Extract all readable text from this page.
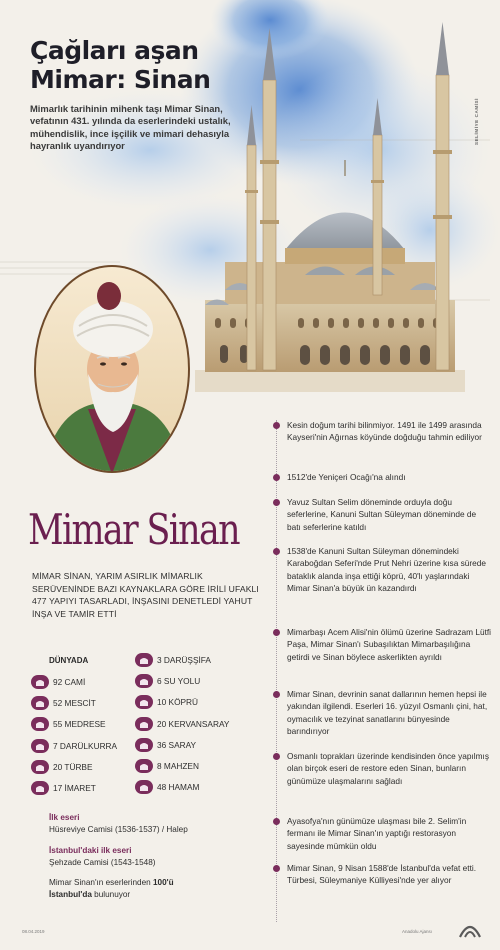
Çağları aşan
Mimar: Sinan
Mimarlık tarihinin mihenk taşı Mimar Sinan, vefatının 431. yılında da eserlerindeki ustalık, mühendislik, ince işçilik ve mimari dehasıyla hayranlık uyandırıyor
SELİMİYE CAMİSİ
Mimar Sinan
MİMAR SİNAN, YARIM ASIRLIK MİMARLIK SERÜVENİNDE BAZI KAYNAKLARA GÖRE İRİLİ UFAKLI 477 YAPIYI TASARLADI, İNŞASINI DENETLEDİ YAHUT İNŞA VE TAMİR ETTİ
DÜNYADA
92 CAMİ
52 MESCİT
55 MEDRESE
7 DARÜLKURRA
20 TÜRBE
17 İMARET
3 DARÜŞŞİFA
6 SU YOLU
10 KÖPRÜ
20 KERVANSARAY
36 SARAY
8 MAHZEN
48 HAMAM
İlk eseri
Hüsreviye Camisi (1536-1537) / Halep
İstanbul'daki ilk eseri
Şehzade Camisi (1543-1548)
Mimar Sinan'ın eserlerinden 100'ü
İstanbul'da bulunuyor
Kesin doğum tarihi bilinmiyor. 1491 ile 1499 arasında Kayseri'nin Ağırnas köyünde doğduğu tahmin ediliyor
1512'de Yeniçeri Ocağı'na alındı
Yavuz Sultan Selim döneminde orduyla doğu seferlerine, Kanuni Sultan Süleyman döneminde de batı seferlerine katıldı
1538'de Kanuni Sultan Süleyman dönemindeki Karaboğdan Seferi'nde Prut Nehri üzerine kısa sürede bataklık alanda inşa ettiği köprü, 40'lı yaşlarındaki Mimar Sinan'a büyük ün kazandırdı
Mimarbaşı Acem Alisi'nin ölümü üzerine Sadrazam Lütfi Paşa, Mimar Sinan'ı Subaşılıktan Mimarbaşılığına getirdi ve Sinan böylece askerlikten ayrıldı
Mimar Sinan, devrinin sanat dallarının hemen hepsi ile yakından ilgilendi. Eserleri 16. yüzyıl Osmanlı çini, hat, oymacılık ve tezyinat sanatlarını bünyesinde barındırıyor
Osmanlı toprakları üzerinde kendisinden önce yapılmış olan birçok eseri de restore eden Sinan, bunların günümüze ulaşmalarını sağladı
Ayasofya'nın günümüze ulaşması bile 2. Selim'in fermanı ile Mimar Sinan'ın yaptığı restorasyon sayesinde mümkün oldu
Mimar Sinan, 9 Nisan 1588'de İstanbul'da vefat etti. Türbesi, Süleymaniye Külliyesi'nde yer alıyor
08.04.2019	Anadolu Ajansı
